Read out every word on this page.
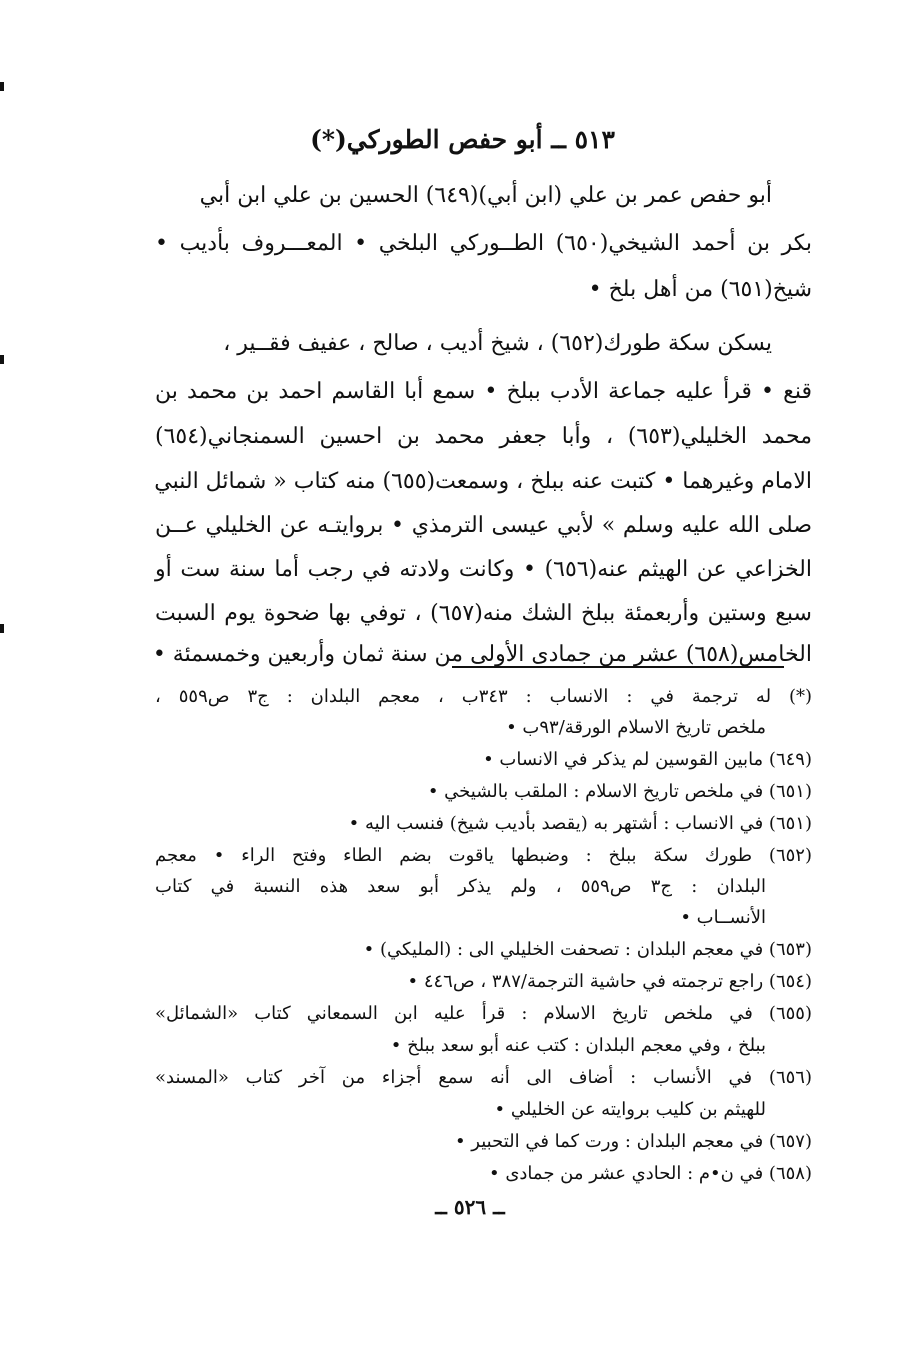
٥١٣ ــ أبو حفص الطوركي(*)
أبو حفص عمر بن علي (ابن أبي)(٦٤٩) الحسين بن علي ابن أبي
بكر بن أحمد الشيخي(٦٥٠) الطــوركي البلخي • المعـــروف بأديب •
شيخ(٦٥١) من أهل بلخ •
يسكن سكة طورك(٦٥٢) ، شيخ أديب ، صالح ، عفيف فقــير ،
قنع • قرأ عليه جماعة الأدب ببلخ • سمع أبا القاسم احمد بن محمد بن
محمد الخليلي(٦٥٣) ، وأبا جعفر محمد بن احسين السمنجاني(٦٥٤)
الامام وغيرهما • كتبت عنه ببلخ ، وسمعت(٦٥٥) منه كتاب « شمائل النبي
صلى الله عليه وسلم » لأبي عيسى الترمذي • بروايتـه عن الخليلي عــن
الخزاعي عن الهيثم عنه(٦٥٦) • وكانت ولادته في رجب أما سنة ست أو
سبع وستين وأربعمئة ببلخ الشك منه(٦٥٧) ، توفي بها ضحوة يوم السبت
الخامس(٦٥٨) عشر من جمادى الأولى من سنة ثمان وأربعين وخمسمئة •
(*) له ترجمة في : الانساب : ٣٤٣ب ، معجم البلدان : ج٣ ص٥٥٩ ،
ملخص تاريخ الاسلام الورقة/٩٣ب •
(٦٤٩) مابين القوسين لم يذكر في الانساب •
(٦٥١) في ملخص تاريخ الاسلام : الملقب بالشيخي •
(٦٥١) في الانساب : أشتهر به (يقصد بأديب شيخ) فنسب اليه •
(٦٥٢) طورك سكة ببلخ : وضبطها ياقوت بضم الطاء وفتح الراء • معجم
البلدان : ج٣ ص٥٥٩ ، ولم يذكر أبو سعد هذه النسبة في كتاب
الأنســاب •
(٦٥٣) في معجم البلدان : تصحفت الخليلي الى : (المليكي) •
(٦٥٤) راجع ترجمته في حاشية الترجمة/٣٨٧ ، ص٤٤٦ •
(٦٥٥) في ملخص تاريخ الاسلام : قرأ عليه ابن السمعاني كتاب «الشمائل»
ببلخ ، وفي معجم البلدان : كتب عنه أبو سعد ببلخ •
(٦٥٦) في الأنساب : أضاف الى أنه سمع أجزاء من آخر كتاب «المسند»
للهيثم بن كليب بروايته عن الخليلي •
(٦٥٧) في معجم البلدان : ورت كما في التحبير •
(٦٥٨) في ن•م : الحادي عشر من جمادى •
ــ ٥٢٦ ــ
